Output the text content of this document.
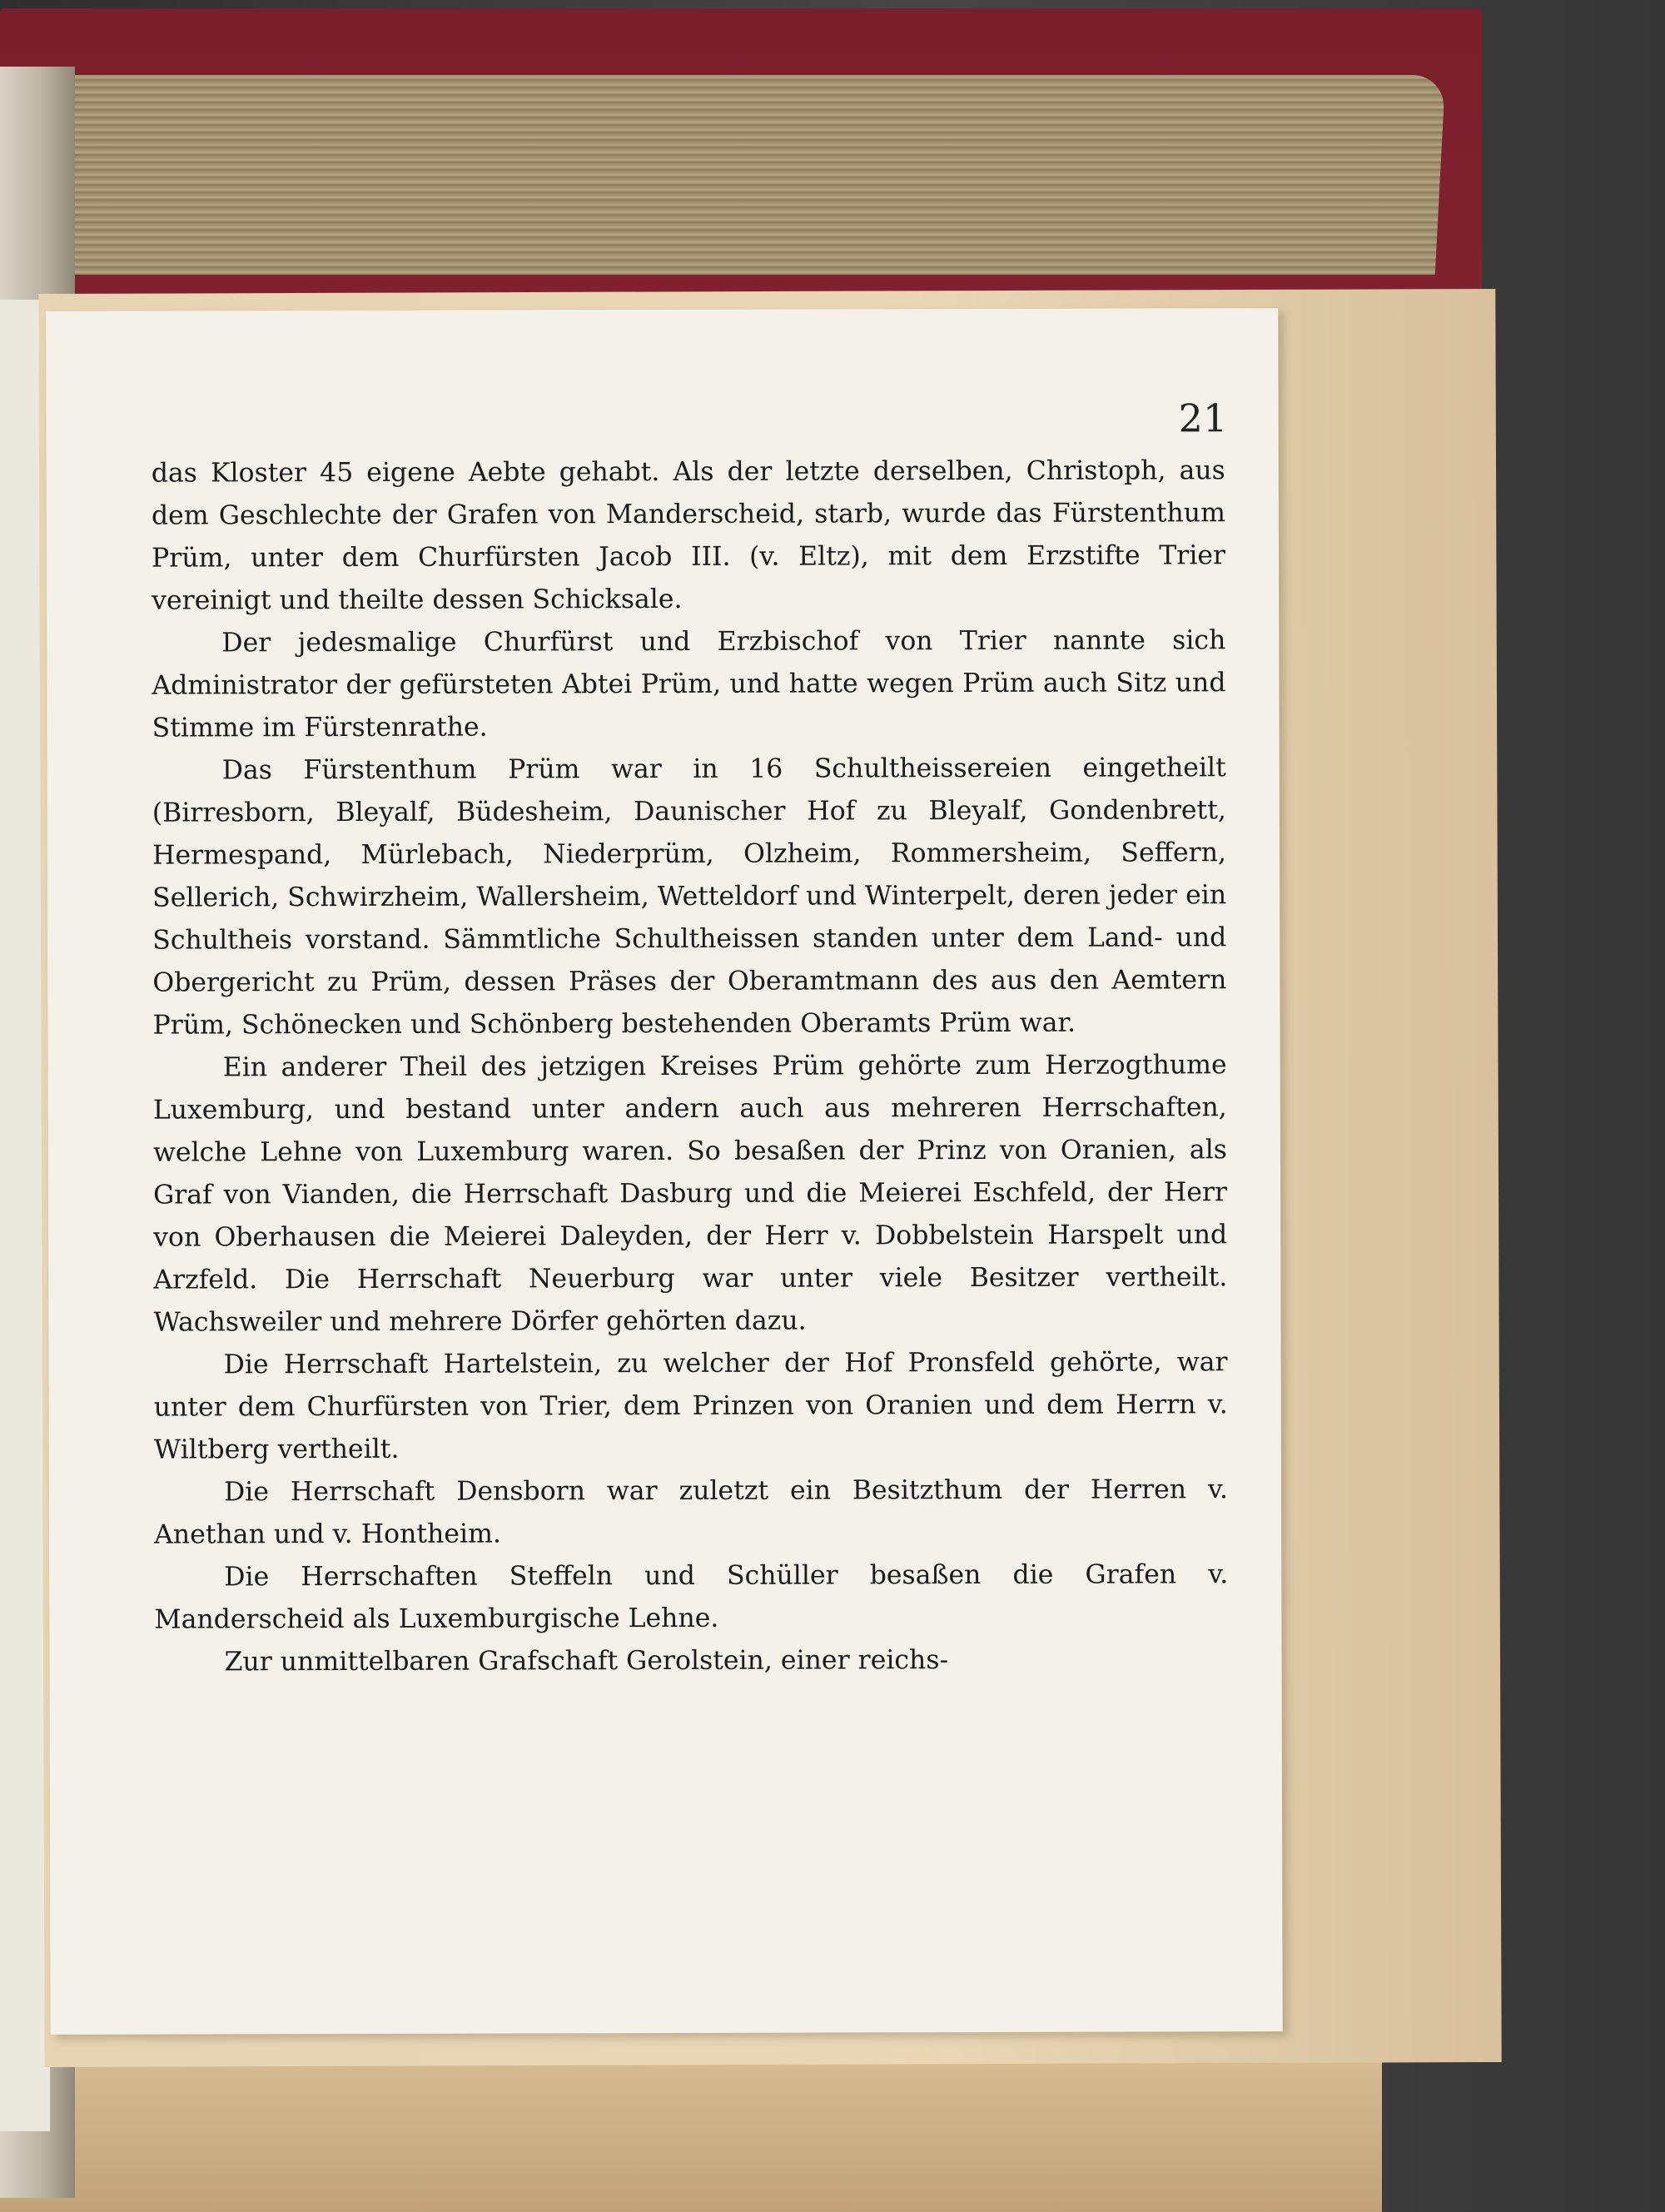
21

das Kloster 45 eigene Aebte gehabt. Als der letzte derselben, Christoph, aus dem Geschlechte der Grafen von Manderscheid, starb, wurde das Fürstenthum Prüm, unter dem Churfürsten Jacob III. (v. Eltz), mit dem Erzstifte Trier vereinigt und theilte dessen Schicksale.

Der jedesmalige Churfürst und Erzbischof von Trier nannte sich Administrator der gefürsteten Abtei Prüm, und hatte wegen Prüm auch Sitz und Stimme im Fürstenrathe.

Das Fürstenthum Prüm war in 16 Schultheissereien eingetheilt (Birresborn, Bleyalf, Büdesheim, Daunischer Hof zu Bleyalf, Gondenbrett, Hermespand, Mürlebach, Niederprüm, Olzheim, Rommersheim, Seffern, Sellerich, Schwirzheim, Wallersheim, Wetteldorf und Winterpelt, deren jeder ein Schultheis vorstand. Sämmtliche Schultheissen standen unter dem Land- und Obergericht zu Prüm, dessen Präses der Oberamtmann des aus den Aemtern Prüm, Schönecken und Schönberg bestehenden Oberamts Prüm war.

Ein anderer Theil des jetzigen Kreises Prüm gehörte zum Herzogthume Luxemburg, und bestand unter andern auch aus mehreren Herrschaften, welche Lehne von Luxemburg waren. So besaßen der Prinz von Oranien, als Graf von Vianden, die Herrschaft Dasburg und die Meierei Eschfeld, der Herr von Oberhausen die Meierei Daleyden, der Herr v. Dobbelstein Harspelt und Arzfeld. Die Herrschaft Neuerburg war unter viele Besitzer vertheilt. Wachsweiler und mehrere Dörfer gehörten dazu.

Die Herrschaft Hartelstein, zu welcher der Hof Pronsfeld gehörte, war unter dem Churfürsten von Trier, dem Prinzen von Oranien und dem Herrn v. Wiltberg vertheilt.

Die Herrschaft Densborn war zuletzt ein Besitzthum der Herren v. Anethan und v. Hontheim.

Die Herrschaften Steffeln und Schüller besaßen die Grafen v. Manderscheid als Luxemburgische Lehne.

Zur unmittelbaren Grafschaft Gerolstein, einer reichs-
